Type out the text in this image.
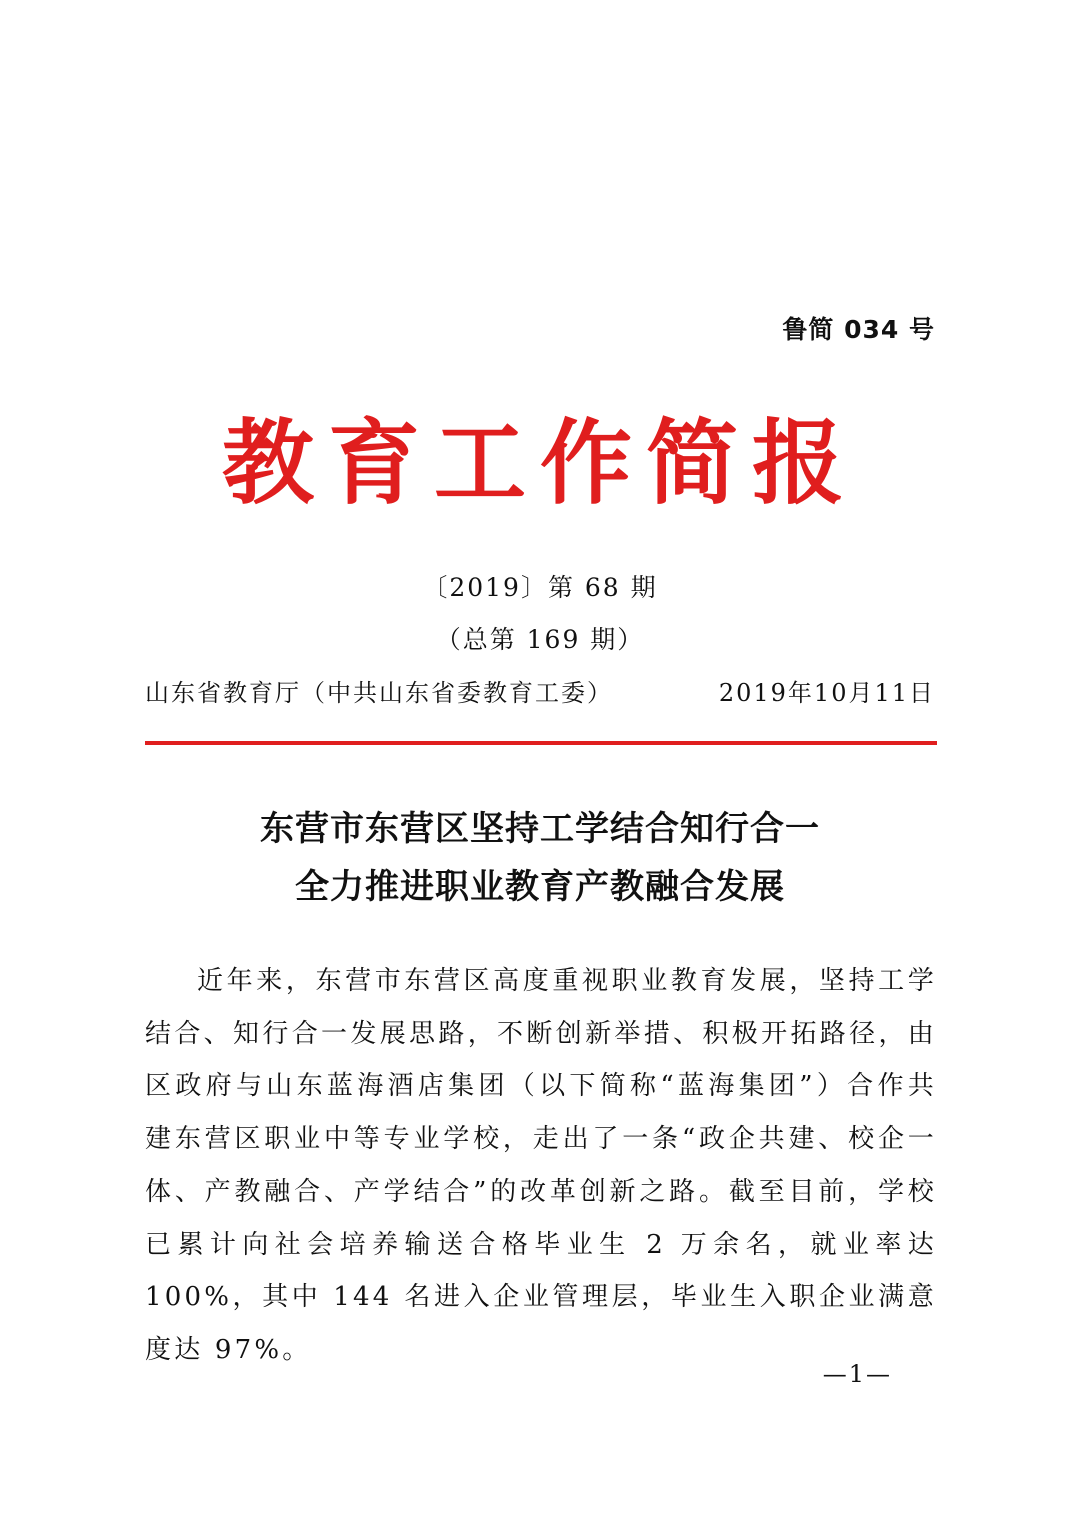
鲁简 034 号
教育工作简报
〔2019〕第 68 期
（总第 169 期）
山东省教育厅（中共山东省委教育工委）	2019年10月11日
东营市东营区坚持工学结合知行合一
全力推进职业教育产教融合发展

近年来，东营市东营区高度重视职业教育发展，坚持工学结合、知行合一发展思路，不断创新举措、积极开拓路径，由区政府与山东蓝海酒店集团（以下简称“蓝海集团”）合作共建东营区职业中等专业学校，走出了一条“政企共建、校企一体、产教融合、产学结合”的改革创新之路。截至目前，学校已累计向社会培养输送合格毕业生 2 万余名，就业率达 100%，其中 144 名进入企业管理层，毕业生入职企业满意度达 97%。

—1—
